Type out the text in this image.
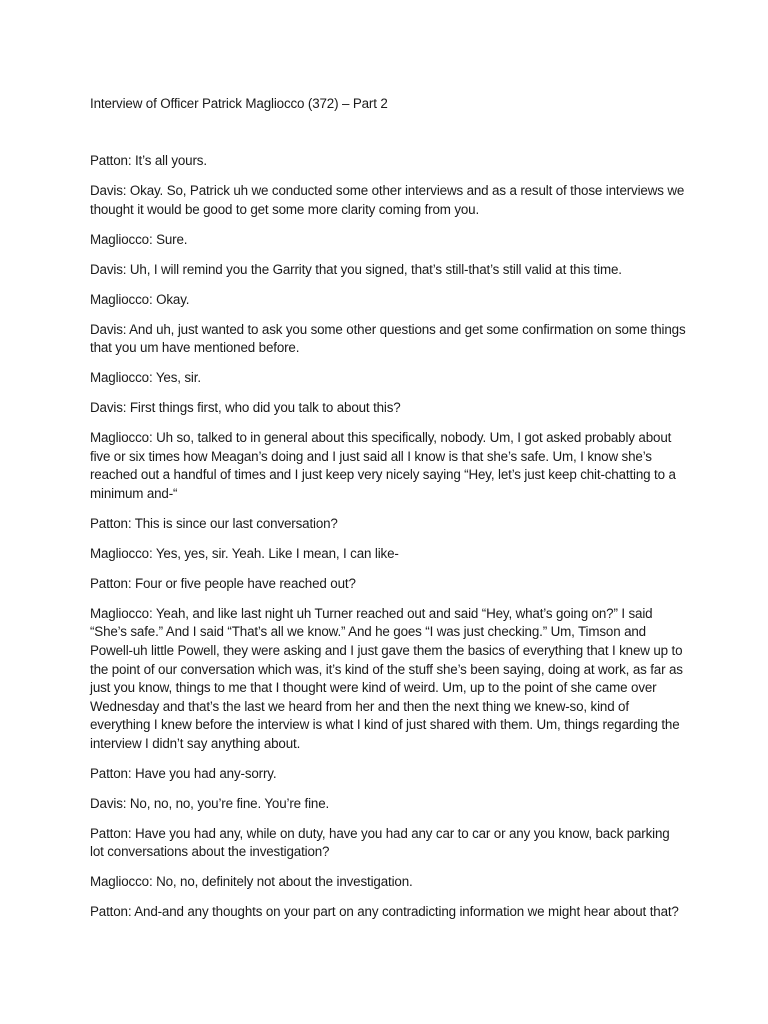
Interview of Officer Patrick Magliocco (372) – Part 2

Patton : It’s all yours.

Davis : Okay. So, Patrick uh we conducted some other interviews and as a result of those interviews we thought it would be good to get some more clarity coming from you.

Magliocco : Sure.

Davis : Uh, I will remind you the Garrity that you signed, that’s still-that’s still valid at this time.

Magliocco : Okay.

Davis : And uh, just wanted to ask you some other questions and get some confirmation on some things that you um have mentioned before.

Magliocco : Yes, sir.

Davis : First things first, who did you talk to about this?

Magliocco : Uh so, talked to in general about this specifically, nobody. Um, I got asked probably about five or six times how Meagan’s doing and I just said all I know is that she’s safe. Um, I know she’s reached out a handful of times and I just keep very nicely saying “Hey, let’s just keep chit-chatting to a minimum and-“

Patton : This is since our last conversation?

Magliocco : Yes, yes, sir. Yeah. Like I mean, I can like-

Patton : Four or five people have reached out?

Magliocco : Yeah, and like last night uh Turner reached out and said “Hey, what’s going on?” I said “She’s safe.” And I said “That’s all we know.” And he goes “I was just checking.” Um, Timson and Powell-uh little Powell, they were asking and I just gave them the basics of everything that I knew up to the point of our conversation which was, it’s kind of the stuff she’s been saying, doing at work, as far as just you know, things to me that I thought were kind of weird. Um, up to the point of she came over Wednesday and that’s the last we heard from her and then the next thing we knew-so, kind of everything I knew before the interview is what I kind of just shared with them. Um, things regarding the interview I didn’t say anything about.

Patton : Have you had any-sorry.

Davis : No, no, no, you’re fine. You’re fine.

Patton : Have you had any, while on duty, have you had any car to car or any you know, back parking lot conversations about the investigation?

Magliocco : No, no, definitely not about the investigation.

Patton : And-and any thoughts on your part on any contradicting information we might hear about that?
